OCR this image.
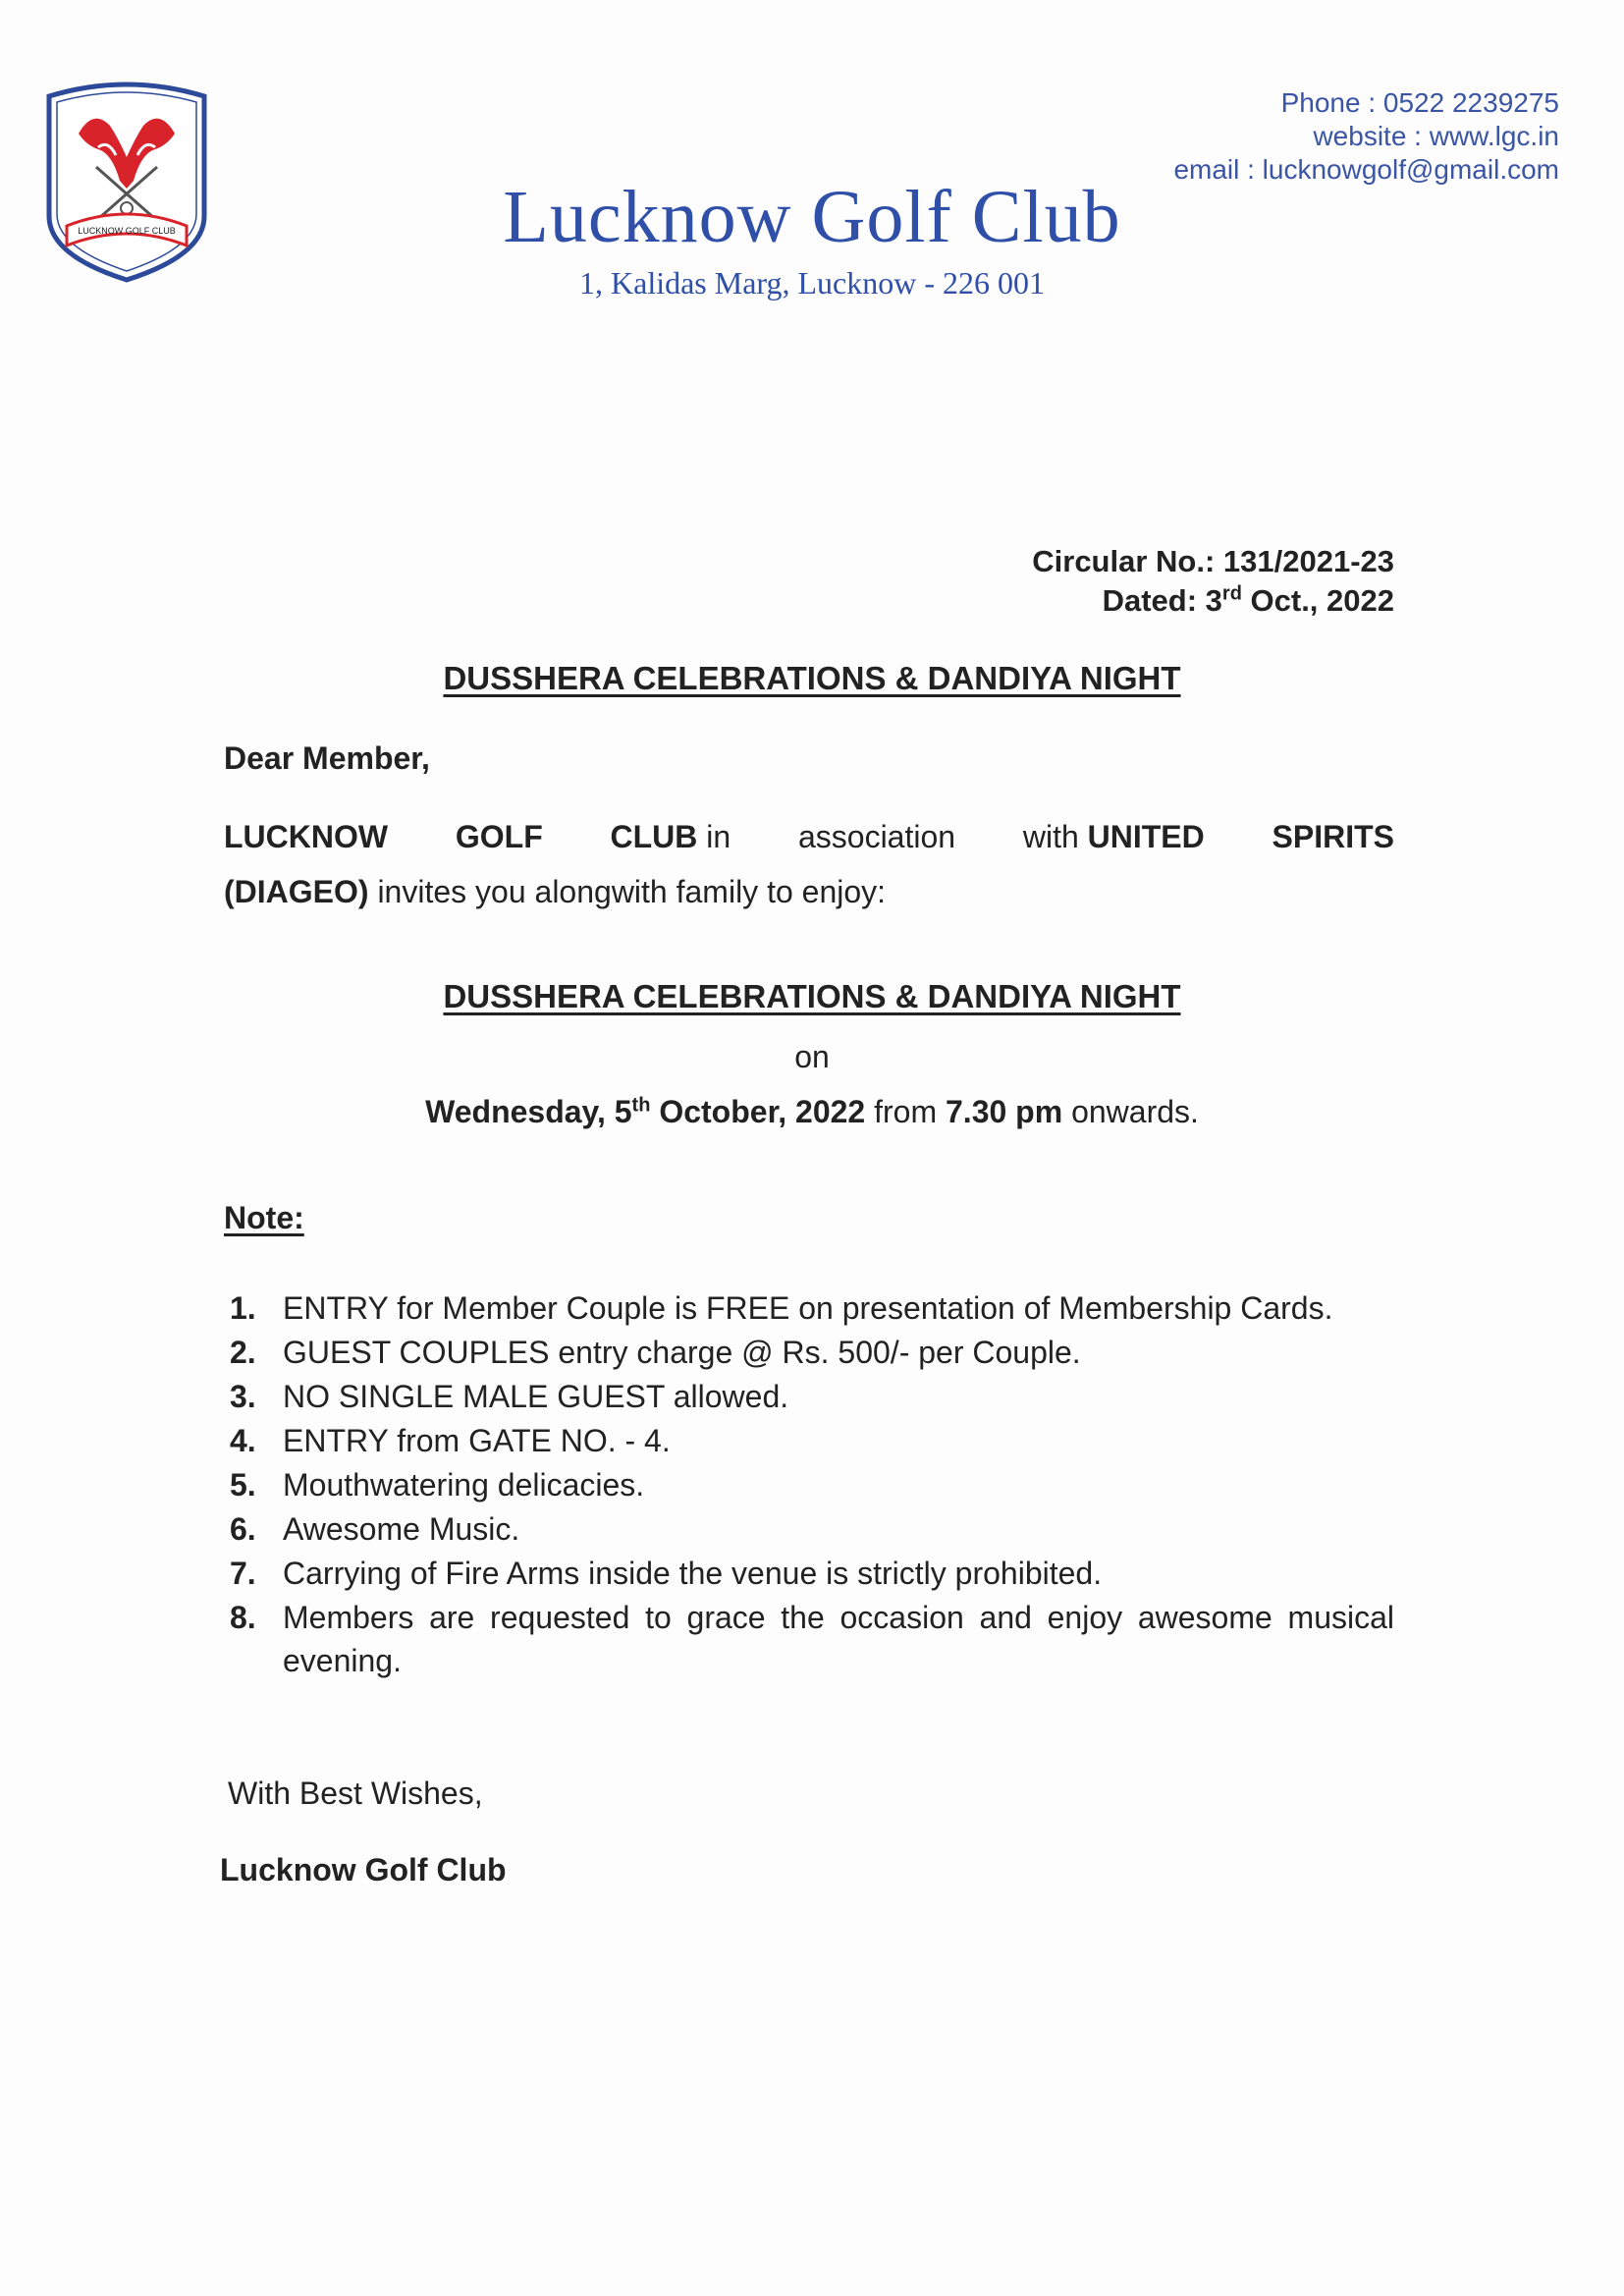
LUCKNOW GOLF CLUB
Phone : 0522 2239275
website : www.lgc.in
email : lucknowgolf@gmail.com
Lucknow Golf Club
1, Kalidas Marg, Lucknow - 226 001
Circular No.: 131/2021-23
Dated: 3rd Oct., 2022
DUSSHERA CELEBRATIONS & DANDIYA NIGHT
Dear Member,
LUCKNOW GOLF CLUB in association with UNITED SPIRITS
(DIAGEO) invites you alongwith family to enjoy:
DUSSHERA CELEBRATIONS & DANDIYA NIGHT
on
Wednesday, 5th October, 2022 from 7.30 pm onwards.
Note:
1. ENTRY for Member Couple is FREE on presentation of Membership Cards.
2. GUEST COUPLES entry charge @ Rs. 500/- per Couple.
3. NO SINGLE MALE GUEST allowed.
4. ENTRY from GATE NO. - 4.
5. Mouthwatering delicacies.
6. Awesome Music.
7. Carrying of Fire Arms inside the venue is strictly prohibited.
8. Members are requested to grace the occasion and enjoy awesome musical evening.
With Best Wishes,
Lucknow Golf Club
